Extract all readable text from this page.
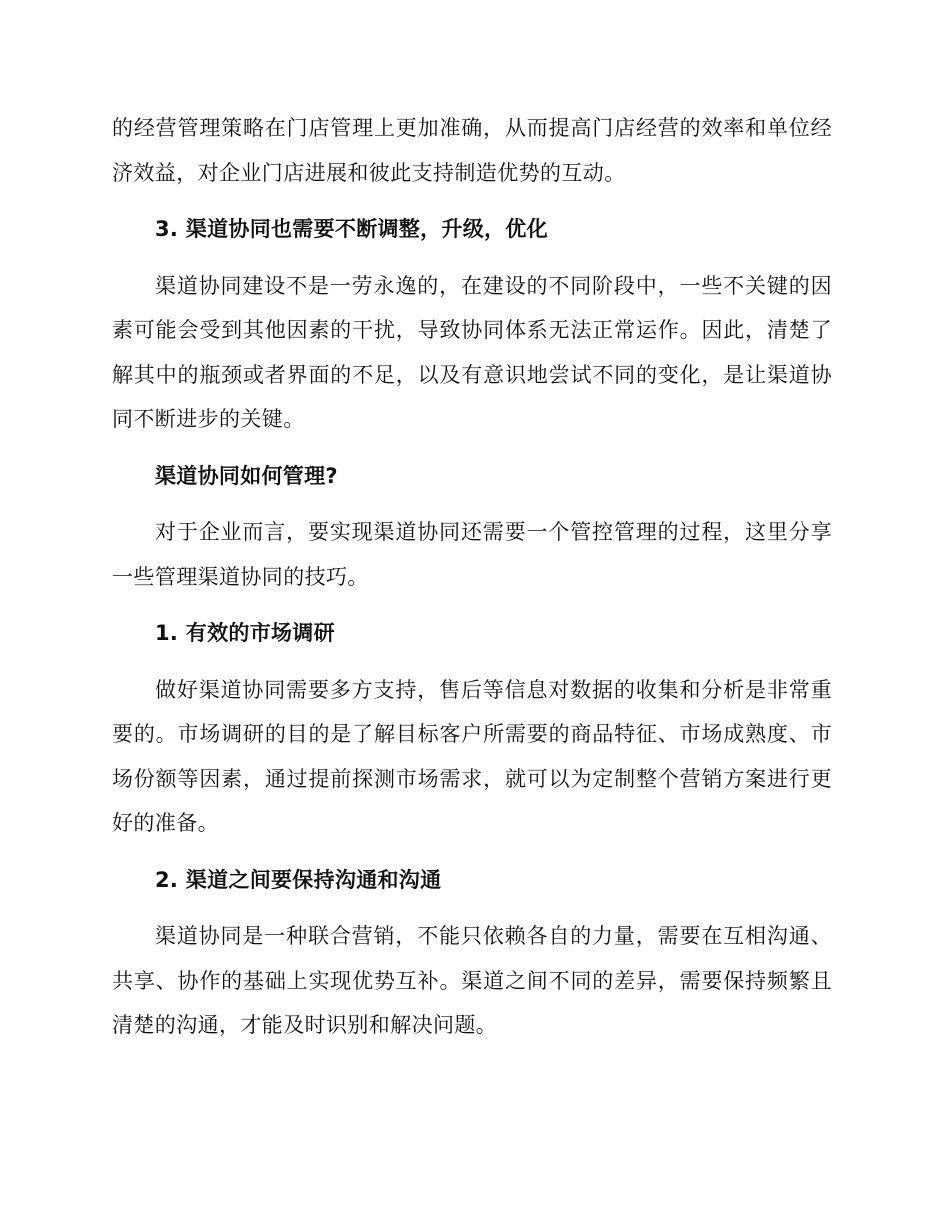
的经营管理策略在门店管理上更加准确，从而提高门店经营的效率和单位经济效益，对企业门店进展和彼此支持制造优势的互动。

3. 渠道协同也需要不断调整，升级，优化

渠道协同建设不是一劳永逸的，在建设的不同阶段中，一些不关键的因素可能会受到其他因素的干扰，导致协同体系无法正常运作。因此，清楚了解其中的瓶颈或者界面的不足，以及有意识地尝试不同的变化，是让渠道协同不断进步的关键。

渠道协同如何管理?

对于企业而言，要实现渠道协同还需要一个管控管理的过程，这里分享一些管理渠道协同的技巧。

1. 有效的市场调研

做好渠道协同需要多方支持，售后等信息对数据的收集和分析是非常重要的。市场调研的目的是了解目标客户所需要的商品特征、市场成熟度、市场份额等因素，通过提前探测市场需求，就可以为定制整个营销方案进行更好的准备。

2. 渠道之间要保持沟通和沟通

渠道协同是一种联合营销，不能只依赖各自的力量，需要在互相沟通、共享、协作的基础上实现优势互补。渠道之间不同的差异，需要保持频繁且清楚的沟通，才能及时识别和解决问题。
